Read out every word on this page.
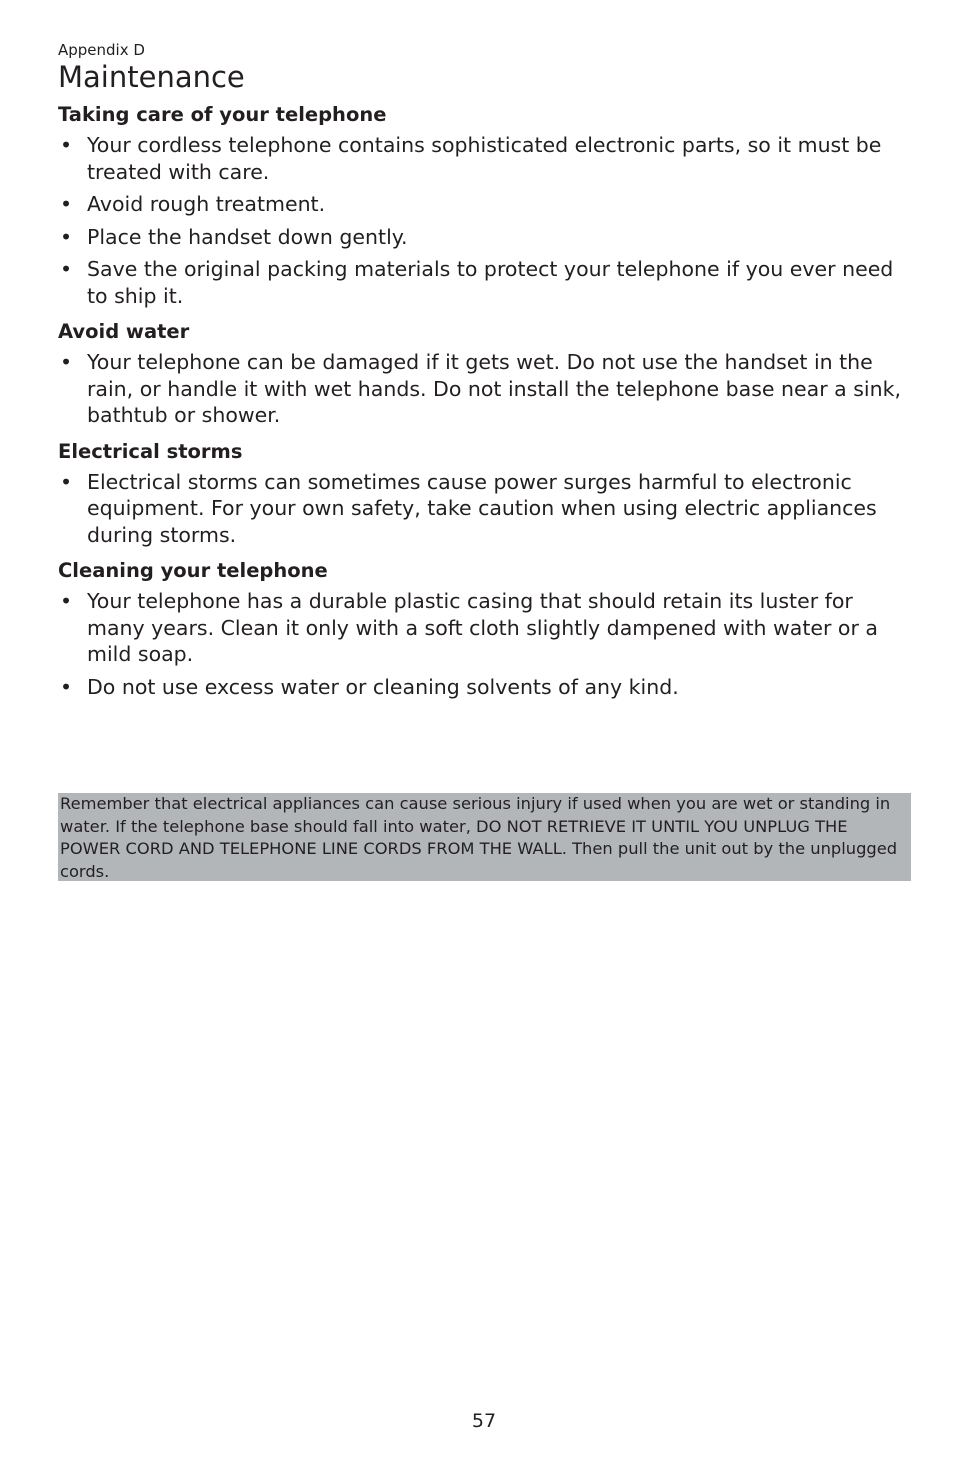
Appendix D

Maintenance
Taking care of your telephone
• Your cordless telephone contains sophisticated electronic parts, so it must be treated with care.
• Avoid rough treatment.
• Place the handset down gently.
• Save the original packing materials to protect your telephone if you ever need to ship it.
Avoid water
• Your telephone can be damaged if it gets wet. Do not use the handset in the rain, or handle it with wet hands. Do not install the telephone base near a sink, bathtub or shower.
Electrical storms
• Electrical storms can sometimes cause power surges harmful to electronic equipment. For your own safety, take caution when using electric appliances during storms.
Cleaning your telephone
• Your telephone has a durable plastic casing that should retain its luster for many years. Clean it only with a soft cloth slightly dampened with water or a mild soap.
• Do not use excess water or cleaning solvents of any kind.
Remember that electrical appliances can cause serious injury if used when you are wet or standing in water. If the telephone base should fall into water, DO NOT RETRIEVE IT UNTIL YOU UNPLUG THE POWER CORD AND TELEPHONE LINE CORDS FROM THE WALL. Then pull the unit out by the unplugged cords.
57
